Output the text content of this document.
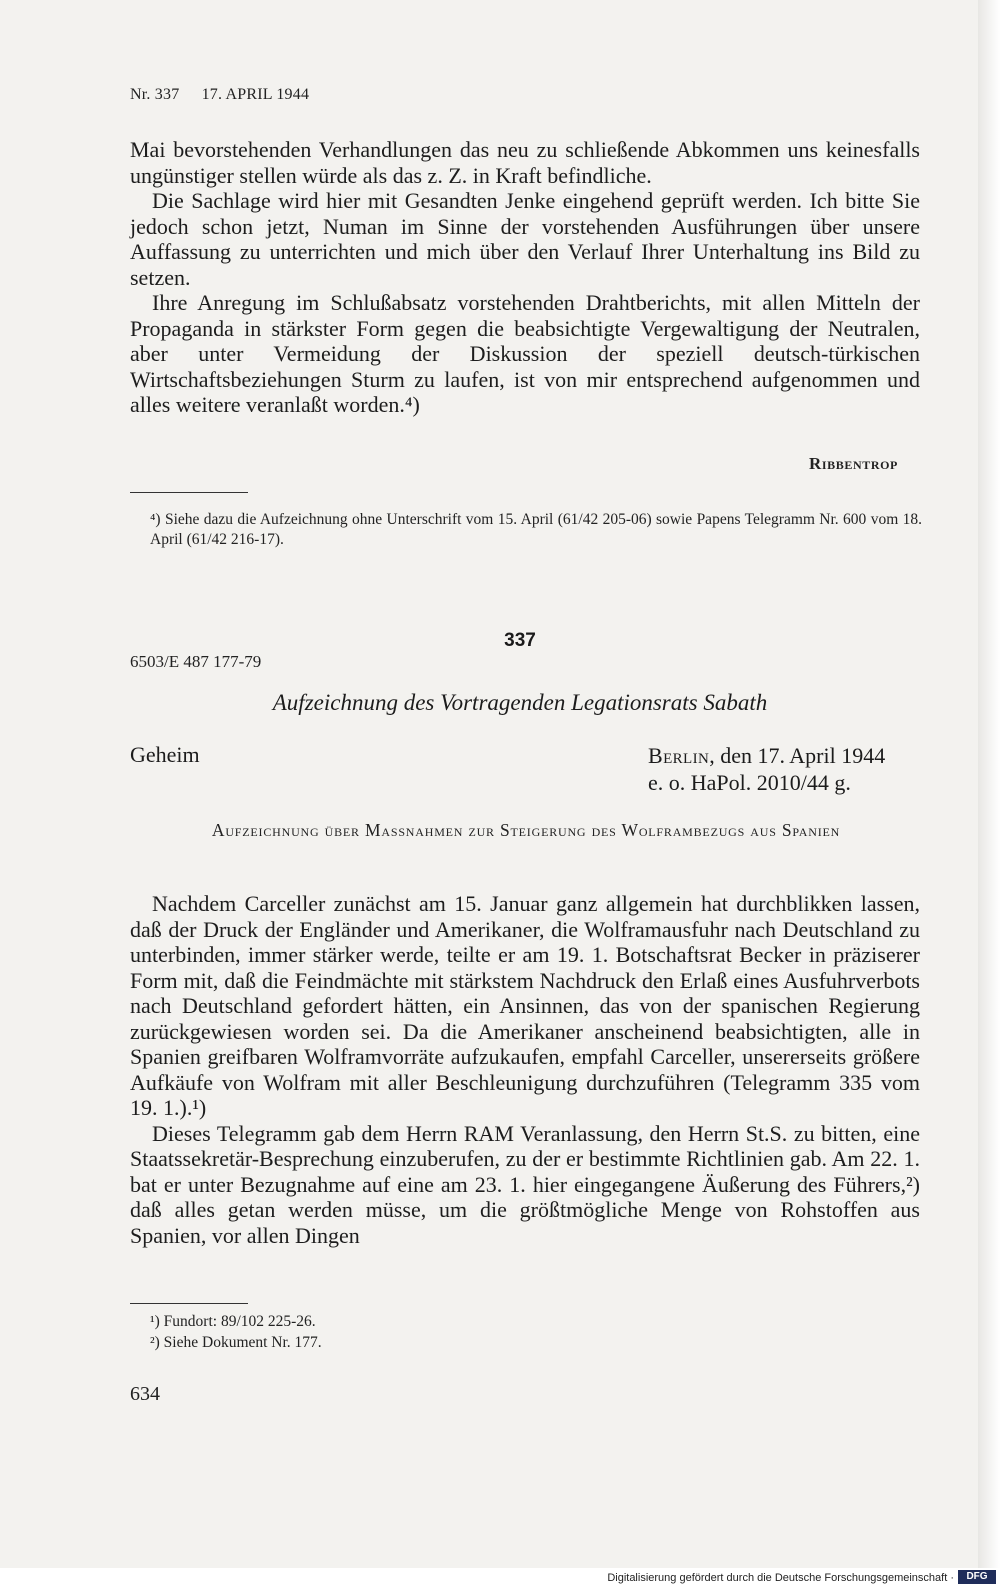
Nr. 337 17. APRIL 1944

Mai bevorstehenden Verhandlungen das neu zu schließende Abkommen uns keinesfalls ungünstiger stellen würde als das z. Z. in Kraft befindliche.

Die Sachlage wird hier mit Gesandten Jenke eingehend geprüft werden. Ich bitte Sie jedoch schon jetzt, Numan im Sinne der vorstehenden Ausführungen über unsere Auffassung zu unterrichten und mich über den Verlauf Ihrer Unterhaltung ins Bild zu setzen.

Ihre Anregung im Schlußabsatz vorstehenden Drahtberichts, mit allen Mitteln der Propaganda in stärkster Form gegen die beabsichtigte Vergewaltigung der Neutralen, aber unter Vermeidung der Diskussion der speziell deutsch-türkischen Wirtschaftsbeziehungen Sturm zu laufen, ist von mir entsprechend aufgenommen und alles weitere veranlaßt worden.⁴)

Ribbentrop
⁴) Siehe dazu die Aufzeichnung ohne Unterschrift vom 15. April (61/42 205-06) sowie Papens Telegramm Nr. 600 vom 18. April (61/42 216-17).
337
6503/E 487 177-79
Aufzeichnung des Vortragenden Legationsrats Sabath
Geheim	Berlin, den 17. April 1944
e. o. HaPol. 2010/44 g.
Aufzeichnung über Massnahmen zur Steigerung des Wolframbezugs aus Spanien

Nachdem Carceller zunächst am 15. Januar ganz allgemein hat durchblikken lassen, daß der Druck der Engländer und Amerikaner, die Wolframausfuhr nach Deutschland zu unterbinden, immer stärker werde, teilte er am 19. 1. Botschaftsrat Becker in präziserer Form mit, daß die Feindmächte mit stärkstem Nachdruck den Erlaß eines Ausfuhrverbots nach Deutschland gefordert hätten, ein Ansinnen, das von der spanischen Regierung zurückgewiesen worden sei. Da die Amerikaner anscheinend beabsichtigten, alle in Spanien greifbaren Wolframvorräte aufzukaufen, empfahl Carceller, unsererseits größere Aufkäufe von Wolfram mit aller Beschleunigung durchzuführen (Telegramm 335 vom 19. 1.).¹)

Dieses Telegramm gab dem Herrn RAM Veranlassung, den Herrn St.S. zu bitten, eine Staatssekretär-Besprechung einzuberufen, zu der er bestimmte Richtlinien gab. Am 22. 1. bat er unter Bezugnahme auf eine am 23. 1. hier eingegangene Äußerung des Führers,²) daß alles getan werden müsse, um die größtmögliche Menge von Rohstoffen aus Spanien, vor allen Dingen

¹) Fundort: 89/102 225-26.
²) Siehe Dokument Nr. 177.
634
Digitalisierung gefördert durch die Deutsche Forschungsgemeinschaft ·	DFG
